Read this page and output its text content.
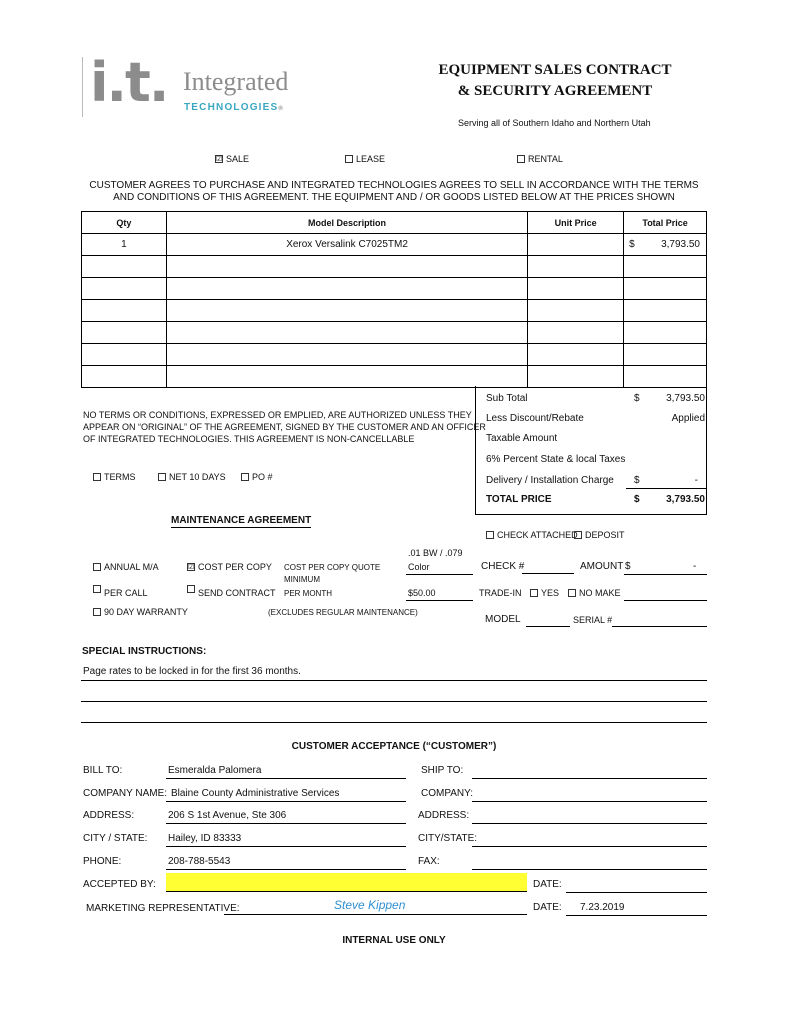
i.t. Integrated
TECHNOLOGIES®
EQUIPMENT SALES CONTRACT
& SECURITY AGREEMENT
Serving all of Southern Idaho and Northern Utah
☑ SALE	LEASE	RENTAL
CUSTOMER AGREES TO PURCHASE AND INTEGRATED TECHNOLOGIES AGREES TO SELL IN ACCORDANCE WITH THE TERMS
AND CONDITIONS OF THIS AGREEMENT. THE EQUIPMENT AND / OR GOODS LISTED BELOW AT THE PRICES SHOWN
Qty	Model Description	Unit Price	Total Price
1	Xerox Versalink C7025TM2		$ 3,793.50

Sub Total	$	3,793.50
Less Discount/Rebate	Applied
Taxable Amount
6% Percent State & local Taxes
Delivery / Installation Charge $	-
TOTAL PRICE	$	3,793.50
NO TERMS OR CONDITIONS, EXPRESSED OR EMPLIED, ARE AUTHORIZED UNLESS THEY
APPEAR ON “ORIGINAL” OF THE AGREEMENT, SIGNED BY THE CUSTOMER AND AN OFFICER
OF INTEGRATED TECHNOLOGIES. THIS AGREEMENT IS NON-CANCELLABLE
TERMS	NET 10 DAYS	PO #
MAINTENANCE AGREEMENT
CHECK ATTACHED DEPOSIT
.01 BW / .079
ANNUAL M/A	☑ COST PER COPY COST PER COPY QUOTE
MINIMUM
Color	CHECK #	AMOUNT $	-
PER CALL	SEND CONTRACT PER MONTH	$50.00	TRADE-IN	YES	NO MAKE
90 DAY WARRANTY	(EXCLUDES REGULAR MAINTENANCE)
MODEL	SERIAL #
SPECIAL INSTRUCTIONS:
Page rates to be locked in for the first 36 months.
CUSTOMER ACCEPTANCE (“CUSTOMER”)
BILL TO:	Esmeralda Palomera	SHIP TO:
COMPANY NAME: Blaine County Administrative Services	COMPANY:
ADDRESS:	206 S 1st Avenue, Ste 306	ADDRESS:
CITY / STATE: Hailey, ID 83333	CITY/STATE:
PHONE:	208-788-5543	FAX:
ACCEPTED BY:	DATE:
MARKETING REPRESENTATIVE:	Steve Kippen	DATE: 7.23.2019
INTERNAL USE ONLY
